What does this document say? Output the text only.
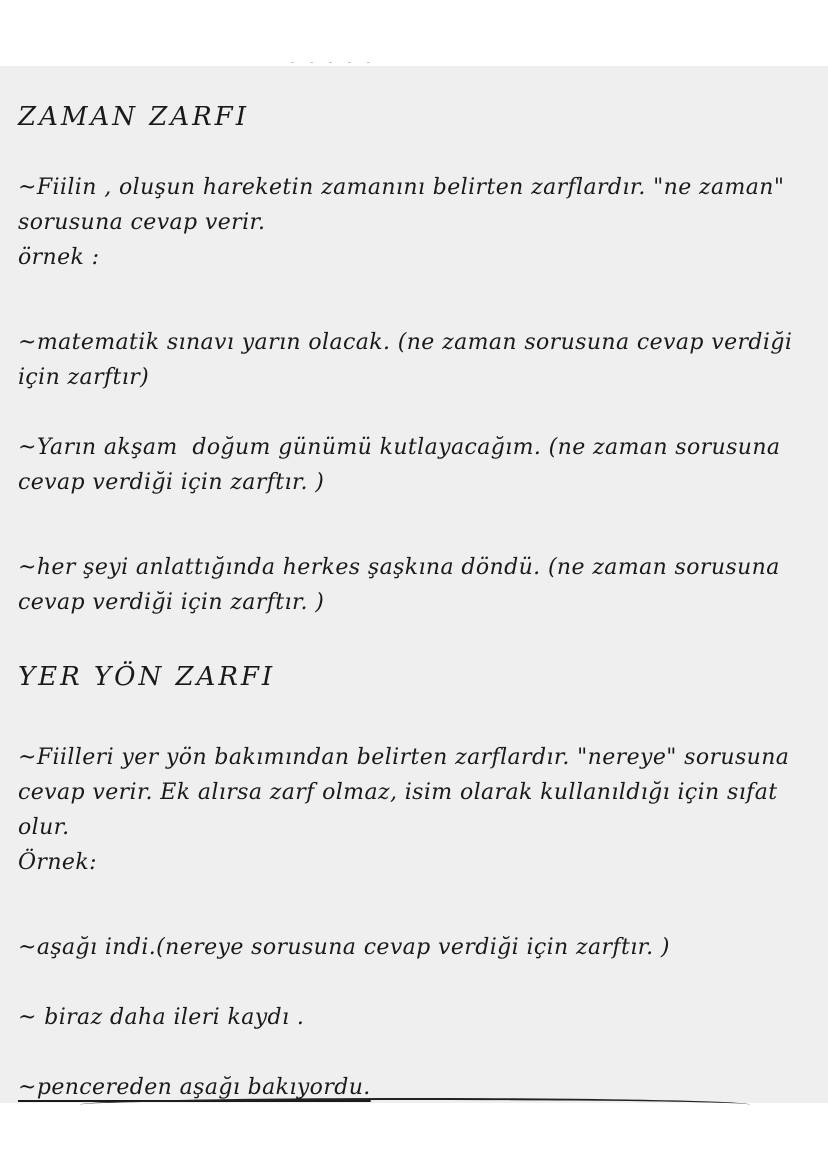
˘˘˘˘˘
ZAMAN ZARFI

~Fiilin , oluşun hareketin zamanını belirten zarflardır. "ne zaman" sorusuna cevap verir.
örnek :

~matematik sınavı yarın olacak. (ne zaman sorusuna cevap verdiği için zarftır)

~Yarın akşam  doğum günümü kutlayacağım. (ne zaman sorusuna cevap verdiği için zarftır. )

~her şeyi anlattığında herkes şaşkına döndü. (ne zaman sorusuna cevap verdiği için zarftır. )

YER YÖN ZARFI

~Fiilleri yer yön bakımından belirten zarflardır. "nereye" sorusuna cevap verir. Ek alırsa zarf olmaz, isim olarak kullanıldığı için sıfat olur.
Örnek:

~aşağı indi.(nereye sorusuna cevap verdiği için zarftır. )

~ biraz daha ileri kaydı .

~pencereden aşağı bakıyordu.
